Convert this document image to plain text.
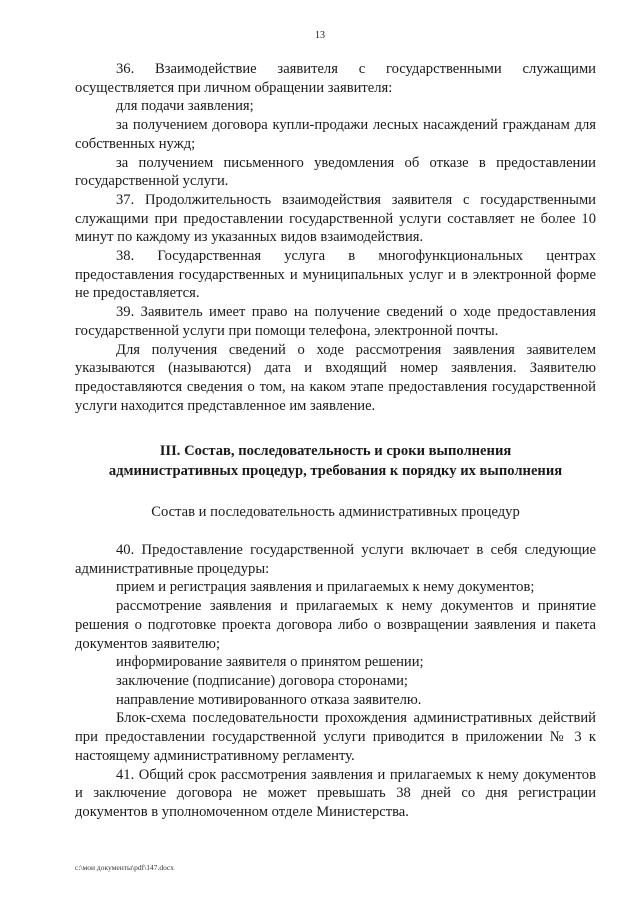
13

36. Взаимодействие заявителя с государственными служащими осуществляется при личном обращении заявителя:

для подачи заявления;

за получением договора купли-продажи лесных насаждений гражданам для собственных нужд;

за получением письменного уведомления об отказе в предоставлении государственной услуги.

37. Продолжительность взаимодействия заявителя с государственными служащими при предоставлении государственной услуги составляет не более 10 минут по каждому из указанных видов взаимодействия.

38. Государственная услуга в многофункциональных центрах предоставления государственных и муниципальных услуг и в электронной форме не предоставляется.

39. Заявитель имеет право на получение сведений о ходе предоставления государственной услуги при помощи телефона, электронной почты.

Для получения сведений о ходе рассмотрения заявления заявителем указываются (называются) дата и входящий номер заявления. Заявителю предоставляются сведения о том, на каком этапе предоставления государственной услуги находится представленное им заявление.

III. Состав, последовательность и сроки выполнения
административных процедур, требования к порядку их выполнения
Состав и последовательность административных процедур

40. Предоставление государственной услуги включает в себя следующие административные процедуры:

прием и регистрация заявления и прилагаемых к нему документов;

рассмотрение заявления и прилагаемых к нему документов и принятие решения о подготовке проекта договора либо о возвращении заявления и пакета документов заявителю;

информирование заявителя о принятом решении;

заключение (подписание) договора сторонами;

направление мотивированного отказа заявителю.

Блок-схема последовательности прохождения административных действий при предоставлении государственной услуги приводится в приложении № 3 к настоящему административному регламенту.

41. Общий срок рассмотрения заявления и прилагаемых к нему документов и заключение договора не может превышать 38 дней со дня регистрации документов в уполномоченном отделе Министерства.

c:\мои документы\pdf\147.docx
